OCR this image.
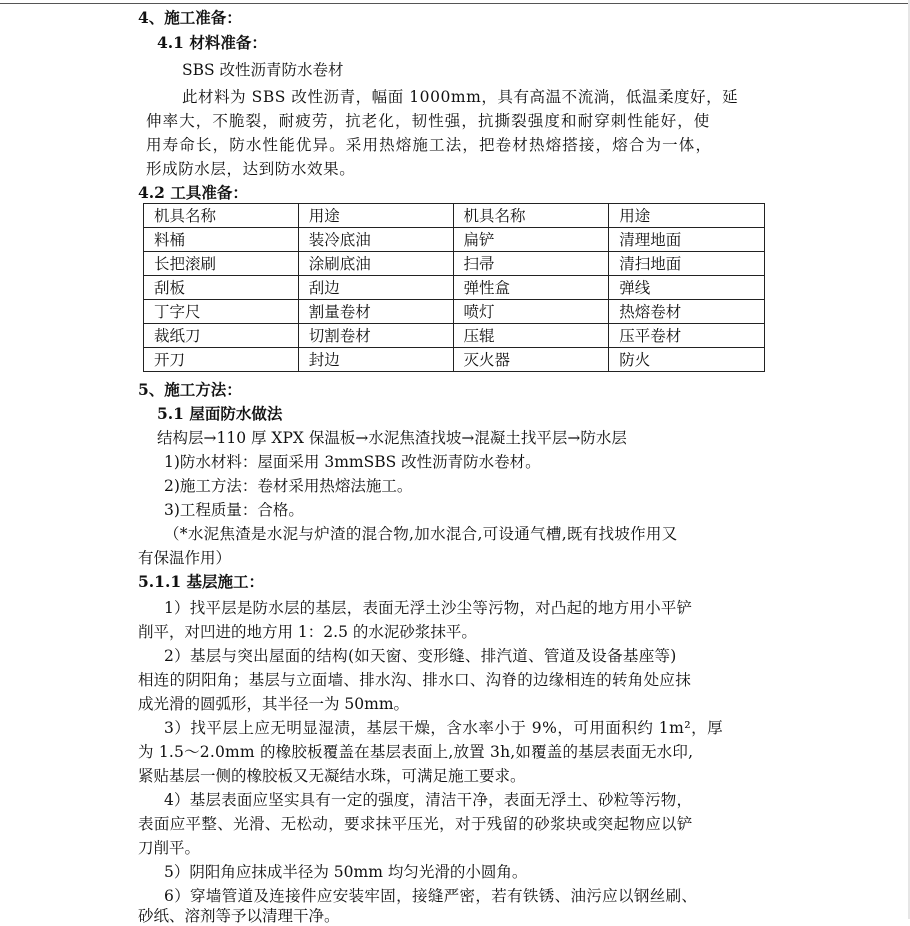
4、施工准备：
4.1 材料准备：
SBS 改性沥青防水卷材
此材料为 SBS 改性沥青，幅面 1000mm，具有高温不流淌，低温柔度好，延
伸率大，不脆裂，耐疲劳，抗老化，韧性强，抗撕裂强度和耐穿刺性能好，使
用寿命长，防水性能优异。采用热熔施工法，把卷材热熔搭接，熔合为一体，
形成防水层，达到防水效果。
4.2 工具准备：
机具名称	用途	机具名称	用途
料桶	装冷底油	扁铲	清理地面
长把滚刷	涂刷底油	扫帚	清扫地面
刮板	刮边	弹性盒	弹线
丁字尺	割量卷材	喷灯	热熔卷材
裁纸刀	切割卷材	压辊	压平卷材
开刀	封边	灭火器	防火
5、施工方法：
5.1 屋面防水做法
结构层→110 厚 XPX 保温板→水泥焦渣找坡→混凝土找平层→防水层
1)防水材料：屋面采用 3mmSBS 改性沥青防水卷材。
2)施工方法：卷材采用热熔法施工。
3)工程质量：合格。
（*水泥焦渣是水泥与炉渣的混合物,加水混合,可设通气槽,既有找坡作用又
有保温作用）
5.1.1 基层施工：
1）找平层是防水层的基层，表面无浮土沙尘等污物，对凸起的地方用小平铲
削平，对凹进的地方用 1：2.5 的水泥砂浆抹平。
2）基层与突出屋面的结构(如天窗、变形缝、排汽道、管道及设备基座等)
相连的阴阳角；基层与立面墙、排水沟、排水口、沟脊的边缘相连的转角处应抹
成光滑的圆弧形，其半径一为 50mm。
3）找平层上应无明显湿渍，基层干燥，含水率小于 9%，可用面积约 1m²，厚
为 1.5～2.0mm 的橡胶板覆盖在基层表面上,放置 3h,如覆盖的基层表面无水印,
紧贴基层一侧的橡胶板又无凝结水珠，可满足施工要求。
4）基层表面应坚实具有一定的强度，清洁干净，表面无浮土、砂粒等污物，
表面应平整、光滑、无松动，要求抹平压光，对于残留的砂浆块或突起物应以铲
刀削平。
5）阴阳角应抹成半径为 50mm 均匀光滑的小圆角。
6）穿墙管道及连接件应安装牢固，接缝严密，若有铁锈、油污应以钢丝刷、
砂纸、溶剂等予以清理干净。
